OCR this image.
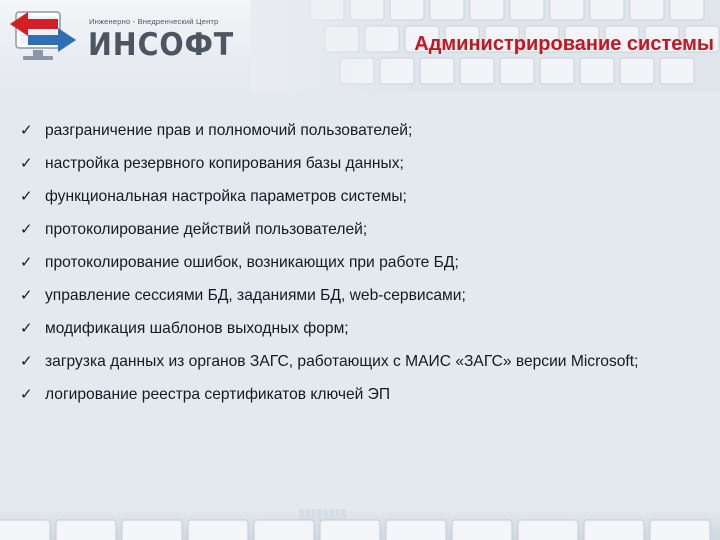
Инженерно - Внедренческий Центр
ИНСОФТ	Администрирование системы
✓ разграничение прав и полномочий пользователей;
✓ настройка резервного копирования базы данных;
✓ функциональная настройка параметров системы;
✓ протоколирование действий пользователей;
✓ протоколирование ошибок, возникающих при работе БД;
✓ управление сессиями БД, заданиями БД, web-сервисами;
✓ модификация шаблонов выходных форм;
✓ загрузка данных из органов ЗАГС, работающих с МАИС «ЗАГС» версии Microsoft;
✓ логирование реестра сертификатов ключей ЭП
